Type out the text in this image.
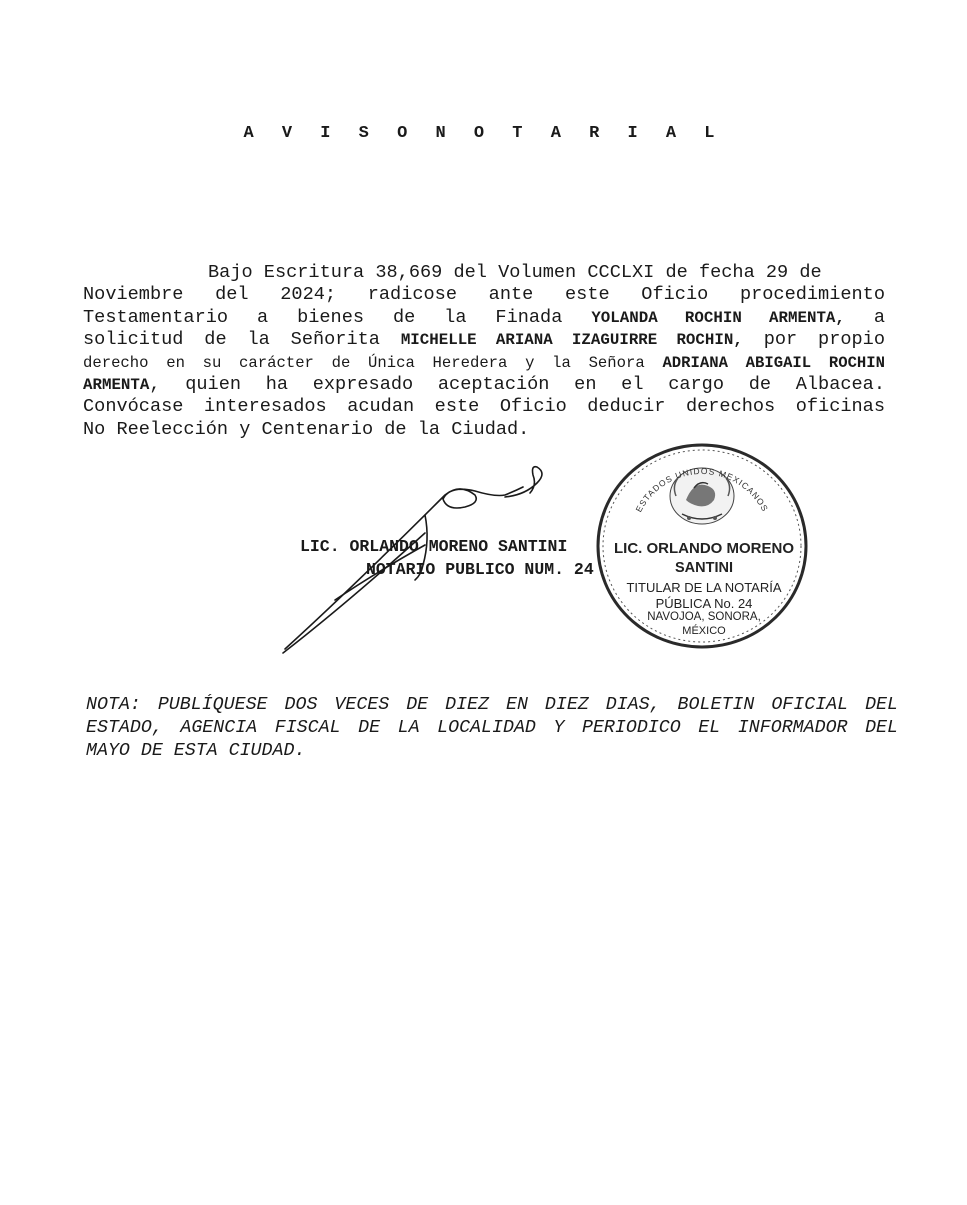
A V I S O N O T A R I A L
Bajo Escritura 38,669 del Volumen CCCLXI de fecha 29 de
Noviembre del 2024; radicose ante este Oficio procedimiento
Testamentario a bienes de la Finada YOLANDA ROCHIN ARMENTA, a
solicitud de la Señorita MICHELLE ARIANA IZAGUIRRE ROCHIN, por propio
derecho en su carácter de Única Heredera y la Señora ADRIANA ABIGAIL ROCHIN
ARMENTA, quien ha expresado aceptación en el cargo de Albacea.
Convócase interesados acudan este Oficio deducir derechos oficinas
No Reelección y Centenario de la Ciudad.
ESTADOS UNIDOS MEXICANOS
LIC. ORLANDO MORENO
SANTINI
TITULAR DE LA NOTARÍA
PÚBLICA No. 24
NAVOJOA, SONORA,
MÉXICO
LIC. ORLANDO MORENO SANTINI
NOTARIO PUBLICO NUM. 24
NOTA: PUBLÍQUESE DOS VECES DE DIEZ EN DIEZ DIAS, BOLETIN OFICIAL DEL
ESTADO, AGENCIA FISCAL DE LA LOCALIDAD Y PERIODICO EL INFORMADOR DEL
MAYO DE ESTA CIUDAD.
